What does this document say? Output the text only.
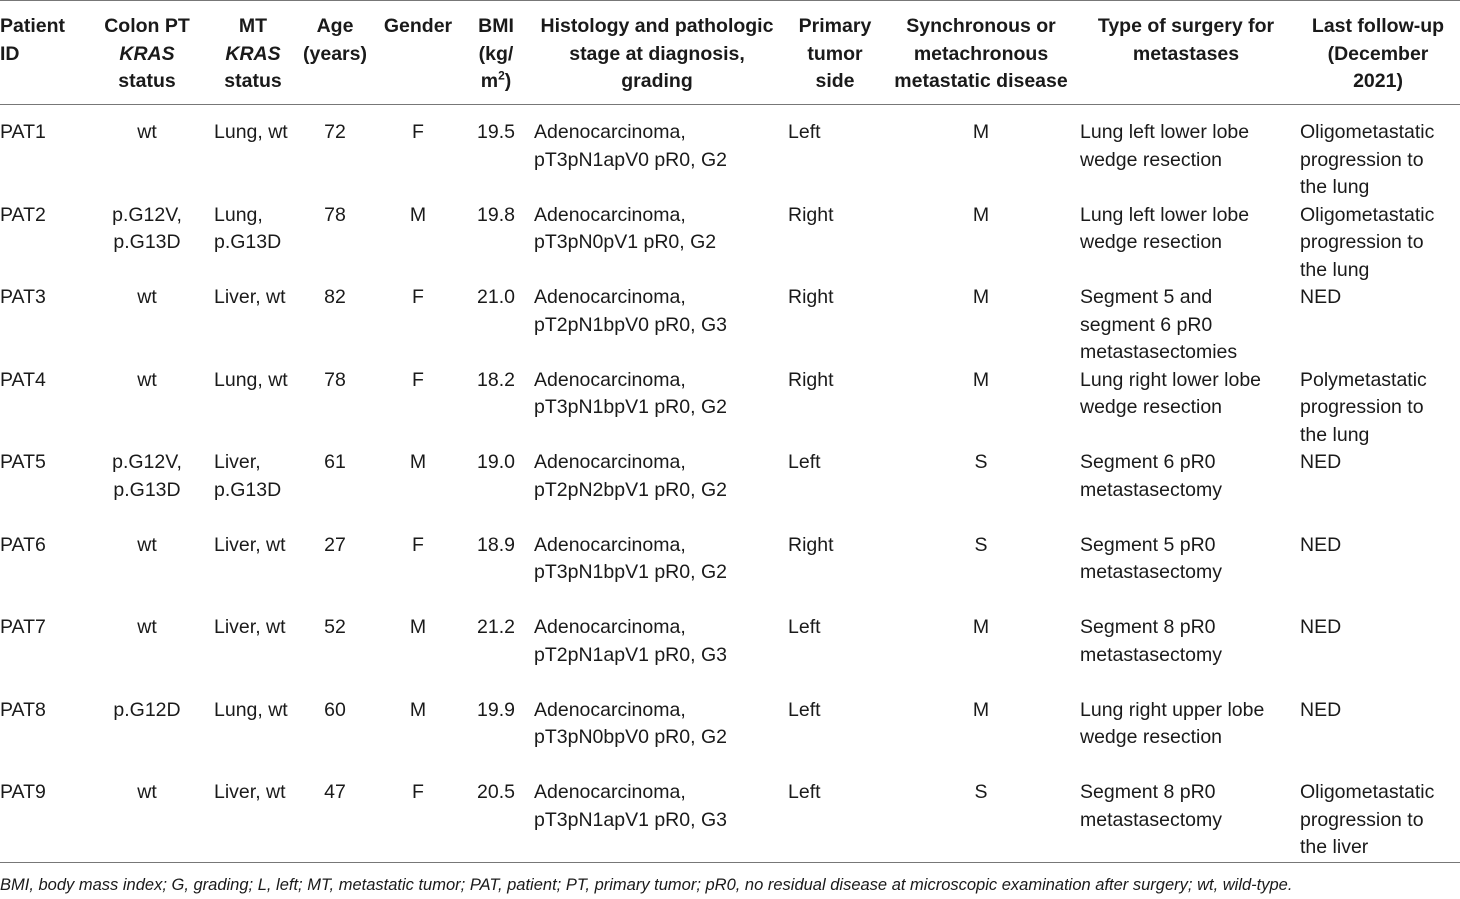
Patient ID	Colon PT
KRAS
status	MT
KRAS
status	Age
(years)	Gender	BMI
(kg/
$m^2$)	Histology and pathologic stage at diagnosis, grading	Primary
tumor
side	Synchronous or metachronous metastatic disease	Type of surgery for metastases	Last follow-up
(December
2021)
PAT1	wt	Lung, wt	72	F	19.5	Adenocarcinoma, pT3pN1apV0 pR0, G2	Left	M	Lung left lower lobe wedge resection	Oligometastatic progression to the lung
PAT2	p.G12V, p.G13D	Lung, p.G13D	78	M	19.8	Adenocarcinoma, pT3pN0pV1 pR0, G2	Right	M	Lung left lower lobe wedge resection	Oligometastatic progression to the lung
PAT3	wt	Liver, wt	82	F	21.0	Adenocarcinoma, pT2pN1bpV0 pR0, G3	Right	M	Segment 5 and segment 6 pR0 metastasectomies	NED
PAT4	wt	Lung, wt	78	F	18.2	Adenocarcinoma, pT3pN1bpV1 pR0, G2	Right	M	Lung right lower lobe wedge resection	Polymetastatic progression to the lung
PAT5	p.G12V, p.G13D	Liver, p.G13D	61	M	19.0	Adenocarcinoma, pT2pN2bpV1 pR0, G2	Left	S	Segment 6 pR0 metastasectomy	NED
PAT6	wt	Liver, wt	27	F	18.9	Adenocarcinoma, pT3pN1bpV1 pR0, G2	Right	S	Segment 5 pR0 metastasectomy	NED
PAT7	wt	Liver, wt	52	M	21.2	Adenocarcinoma, pT2pN1apV1 pR0, G3	Left	M	Segment 8 pR0 metastasectomy	NED
PAT8	p.G12D	Lung, wt	60	M	19.9	Adenocarcinoma, pT3pN0bpV0 pR0, G2	Left	M	Lung right upper lobe wedge resection	NED
PAT9	wt	Liver, wt	47	F	20.5	Adenocarcinoma, pT3pN1apV1 pR0, G3	Left	S	Segment 8 pR0 metastasectomy	Oligometastatic progression to the liver
BMI, body mass index; G, grading; L, left; MT, metastatic tumor; PAT, patient; PT, primary tumor; pR0, no residual disease at microscopic examination after surgery; wt, wild-type.
